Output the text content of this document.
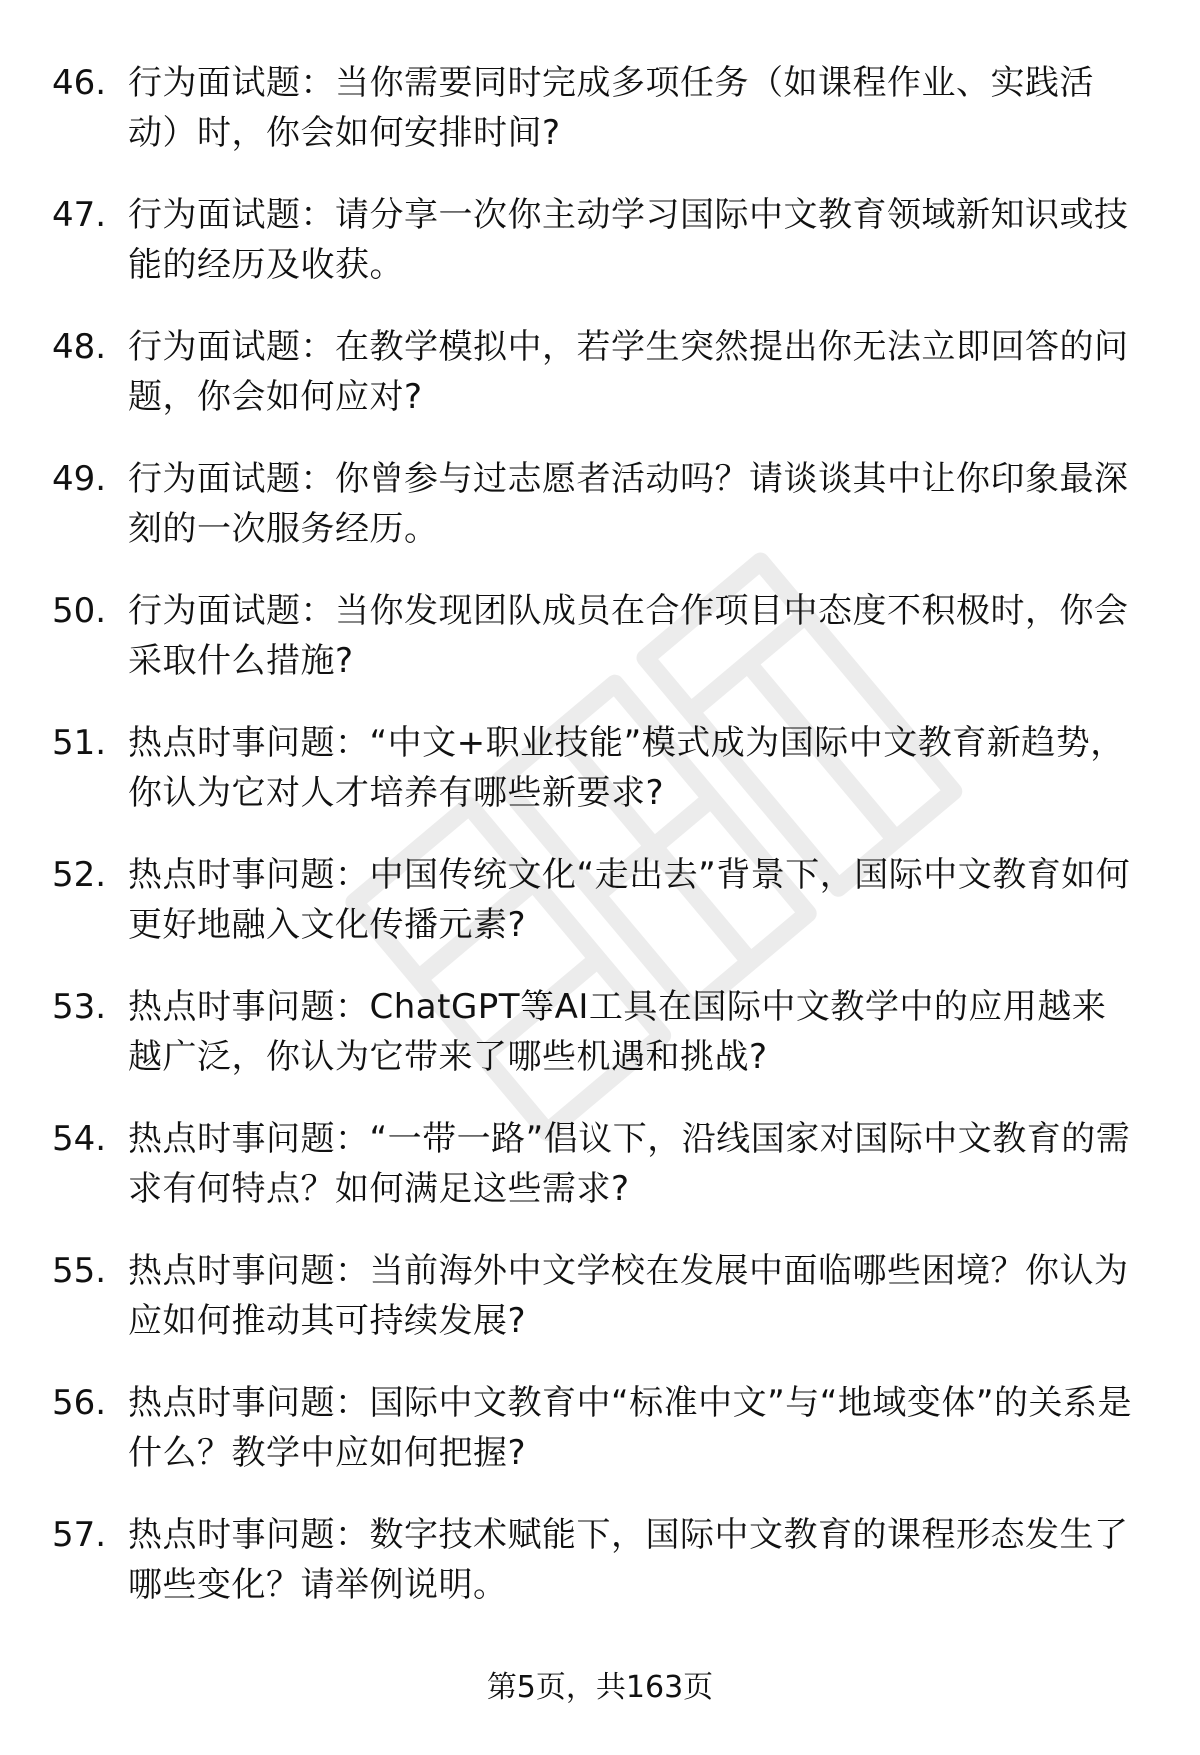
46. 行为面试题：当你需要同时完成多项任务（如课程作业、实践活动）时，你会如何安排时间?
47. 行为面试题：请分享一次你主动学习国际中文教育领域新知识或技能的经历及收获。
48. 行为面试题：在教学模拟中，若学生突然提出你无法立即回答的问题，你会如何应对?
49. 行为面试题：你曾参与过志愿者活动吗？请谈谈其中让你印象最深刻的一次服务经历。
50. 行为面试题：当你发现团队成员在合作项目中态度不积极时，你会采取什么措施?
51. 热点时事问题：“中文+职业技能”模式成为国际中文教育新趋势，你认为它对人才培养有哪些新要求?
52. 热点时事问题：中国传统文化“走出去”背景下，国际中文教育如何更好地融入文化传播元素?
53. 热点时事问题：ChatGPT等AI工具在国际中文教学中的应用越来越广泛，你认为它带来了哪些机遇和挑战?
54. 热点时事问题：“一带一路”倡议下，沿线国家对国际中文教育的需求有何特点？如何满足这些需求?
55. 热点时事问题：当前海外中文学校在发展中面临哪些困境？你认为应如何推动其可持续发展?
56. 热点时事问题：国际中文教育中“标准中文”与“地域变体”的关系是什么？教学中应如何把握?
57. 热点时事问题：数字技术赋能下，国际中文教育的课程形态发生了哪些变化？请举例说明。
第5页，共163页
